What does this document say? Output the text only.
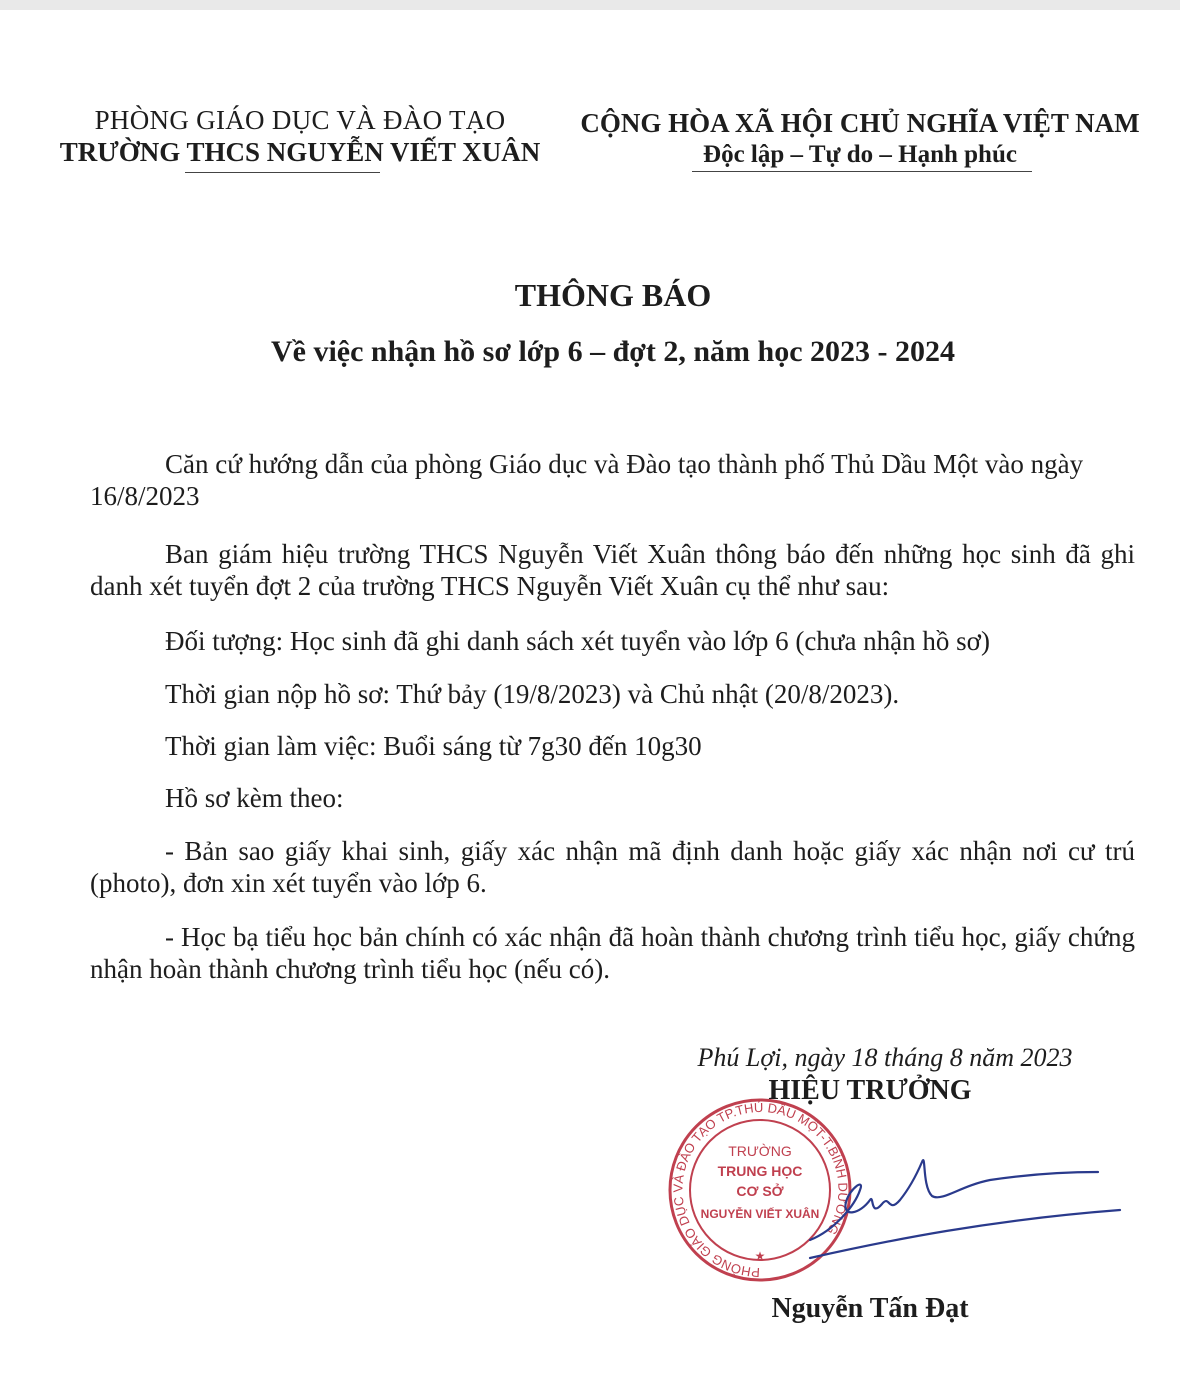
PHÒNG GIÁO DỤC VÀ ĐÀO TẠO
TRƯỜNG THCS NGUYỄN VIẾT XUÂN
CỘNG HÒA XÃ HỘI CHỦ NGHĨA VIỆT NAM
Độc lập – Tự do – Hạnh phúc
THÔNG BÁO
Về việc nhận hồ sơ lớp 6 – đợt 2, năm học 2023 - 2024
Căn cứ hướng dẫn của phòng Giáo dục và Đào tạo thành phố Thủ Dầu Một vào ngày 16/8/2023
Ban giám hiệu trường THCS Nguyễn Viết Xuân thông báo đến những học sinh đã ghi danh xét tuyển đợt 2 của trường THCS Nguyễn Viết Xuân cụ thể như sau:
Đối tượng: Học sinh đã ghi danh sách xét tuyển vào lớp 6 (chưa nhận hồ sơ)
Thời gian nộp hồ sơ: Thứ bảy (19/8/2023) và Chủ nhật (20/8/2023).
Thời gian làm việc: Buổi sáng từ 7g30 đến 10g30
Hồ sơ kèm theo:
- Bản sao giấy khai sinh, giấy xác nhận mã định danh hoặc giấy xác nhận nơi cư trú (photo), đơn xin xét tuyển vào lớp 6.
- Học bạ tiểu học bản chính có xác nhận đã hoàn thành chương trình tiểu học, giấy chứng nhận hoàn thành chương trình tiểu học (nếu có).
Phú Lợi, ngày 18 tháng 8 năm 2023
HIỆU TRƯỞNG
PHÒNG GIÁO DỤC VÀ ĐÀO TẠO TP.THỦ DẦU MỘT-T.BÌNH DƯƠNG
TRƯỜNG
TRUNG HỌC
CƠ SỞ
NGUYỄN VIẾT XUÂN
★
Nguyễn Tấn Đạt
